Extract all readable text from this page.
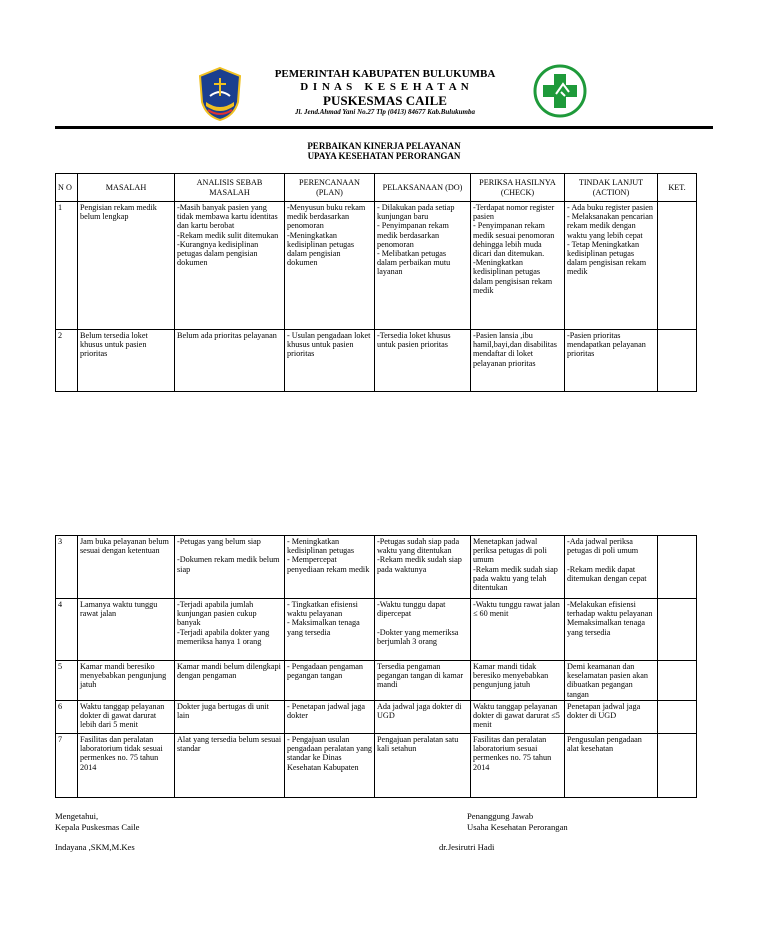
PEMERINTAH KABUPATEN BULUKUMBA
D I N A S   K E S E H A T A N
PUSKESMAS CAILE
Jl. Jend.Ahmad Yani No.27 Tlp (0413) 84677 Kab.Bulukumba
PERBAIKAN KINERJA PELAYANAN
UPAYA KESEHATAN PERORANGAN
N O	MASALAH	ANALISIS SEBAB MASALAH	PERENCANAAN (PLAN)	PELAKSANAAN (DO)	PERIKSA HASILNYA (CHECK)	TINDAK LANJUT (ACTION)	KET.
1	Pengisian rekam medik belum lengkap	-Masih banyak pasien yang tidak membawa kartu identitas dan kartu berobat
-Rekam medik sulit ditemukan
-Kurangnya kedisiplinan petugas dalam pengisian dokumen	-Menyusun buku rekam medik berdasarkan penomoran
-Meningkatkan kedisiplinan petugas dalam pengisian dokumen	- Dilakukan pada setiap kunjungan baru
- Penyimpanan rekam medik berdasarkan penomoran
- Melibatkan petugas dalam perbaikan mutu layanan	-Terdapat nomor register pasien
- Penyimpanan rekam medik sesuai penomoran dehingga lebih muda dicari dan ditemukan.
-Meningkatkan kedisiplinan petugas dalam pengisisan rekam medik	- Ada buku register pasien
- Melaksanakan pencarian rekam medik dengan waktu yang lebih cepat
- Tetap Meningkatkan kedisiplinan petugas dalam pengisisan rekam medik	
2	Belum tersedia loket khusus untuk pasien prioritas	Belum ada prioritas pelayanan	- Usulan pengadaan loket khusus untuk pasien prioritas	-Tersedia loket khusus untuk pasien prioritas	-Pasien lansia ,ibu hamil,bayi,dan disabilitas mendaftar di loket pelayanan prioritas	-Pasien prioritas mendapatkan pelayanan prioritas	
3	Jam buka pelayanan belum sesuai dengan ketentuan	-Petugas yang belum siap

-Dokumen rekam medik belum siap	- Meningkatkan kedisiplinan petugas
- Mempercepat penyediaan rekam medik	-Petugas sudah siap pada waktu yang ditentukan
-Rekam medik sudah siap pada waktunya	Menetapkan jadwal periksa petugas di poli umum
-Rekam medik sudah siap pada waktu yang telah ditentukan	-Ada jadwal periksa petugas di poli umum

-Rekam medik dapat ditemukan dengan cepat	
4	Lamanya waktu tunggu rawat jalan	-Terjadi apabila jumlah kunjungan pasien cukup banyak
-Terjadi apabila dokter yang memeriksa hanya 1 orang	- Tingkatkan efisiensi waktu pelayanan
- Maksimalkan tenaga yang tersedia	-Waktu tunggu dapat dipercepat

-Dokter yang memeriksa berjumlah 3 orang	-Waktu tunggu rawat jalan ≤ 60 menit	-Melakukan efisiensi terhadap waktu pelayanan
Memaksimalkan tenaga yang tersedia	
5	Kamar mandi beresiko menyebabkan pengunjung jatuh	Kamar mandi belum dilengkapi dengan pengaman	- Pengadaan pengaman pegangan tangan	Tersedia pengaman pegangan tangan di kamar mandi	Kamar mandi tidak beresiko menyebabkan pengunjung jatuh	Demi keamanan dan keselamatan pasien akan dibuatkan pegangan tangan	
6	Waktu tanggap pelayanan dokter di gawat darurat lebih dari 5 menit	Dokter juga bertugas di unit lain	- Penetapan jadwal jaga dokter	Ada jadwal jaga dokter di UGD	Waktu tanggap pelayanan dokter di gawat darurat ≤5 menit	Penetapan jadwal jaga dokter di UGD	
7	Fasilitas dan peralatan laboratorium tidak sesuai permenkes no. 75 tahun 2014	Alat yang tersedia belum sesuai standar	- Pengajuan usulan pengadaan peralatan yang standar ke Dinas Kesehatan Kabupaten	Pengajuan peralatan satu kali setahun	Fasilitas dan peralatan laboratorium sesuai permenkes no. 75 tahun 2014	Pengusulan pengadaan alat kesehatan	
Mengetahui,
Kepala Puskesmas Caile
Indayana ,SKM,M.Kes
Penanggung Jawab
Usaha Kesehatan Perorangan
dr.Jesirutri Hadi
